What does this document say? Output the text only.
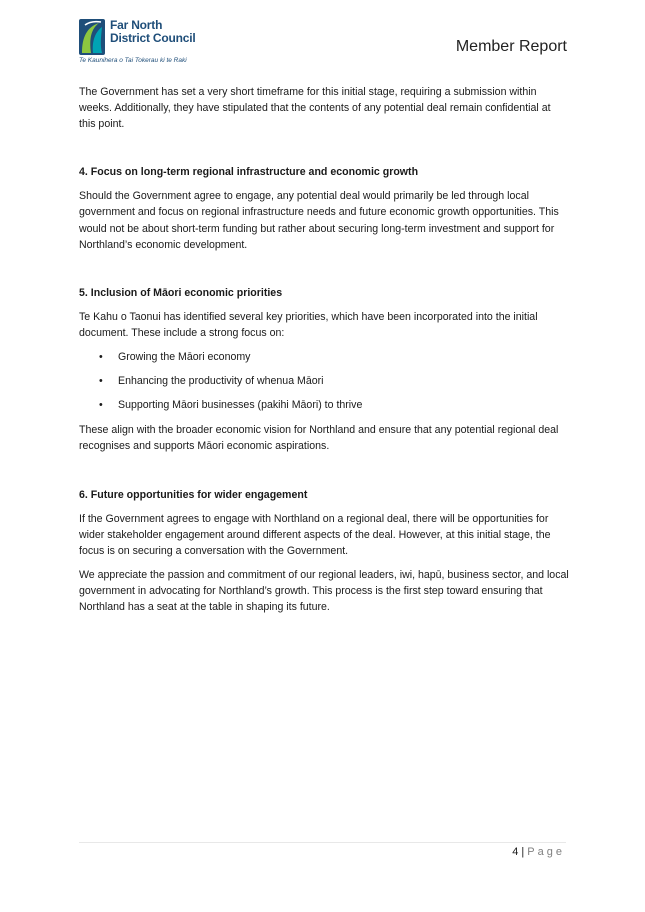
Far North
District Council
Te Kaunihera o Tai Tokerau ki te Raki
Member Report

The Government has set a very short timeframe for this initial stage, requiring a submission within weeks. Additionally, they have stipulated that the contents of any potential deal remain confidential at this point.

4. Focus on long-term regional infrastructure and economic growth

Should the Government agree to engage, any potential deal would primarily be led through local government and focus on regional infrastructure needs and future economic growth opportunities. This would not be about short-term funding but rather about securing long-term investment and support for Northland’s economic development.

5. Inclusion of Māori economic priorities

Te Kahu o Taonui has identified several key priorities, which have been incorporated into the initial document. These include a strong focus on:

• Growing the Māori economy
• Enhancing the productivity of whenua Māori
• Supporting Māori businesses (pakihi Māori) to thrive

These align with the broader economic vision for Northland and ensure that any potential regional deal recognises and supports Māori economic aspirations.

6. Future opportunities for wider engagement

If the Government agrees to engage with Northland on a regional deal, there will be opportunities for wider stakeholder engagement around different aspects of the deal. However, at this initial stage, the focus is on securing a conversation with the Government.

We appreciate the passion and commitment of our regional leaders, iwi, hapū, business sector, and local government in advocating for Northland’s growth. This process is the first step toward ensuring that Northland has a seat at the table in shaping its future.

4 | Page
